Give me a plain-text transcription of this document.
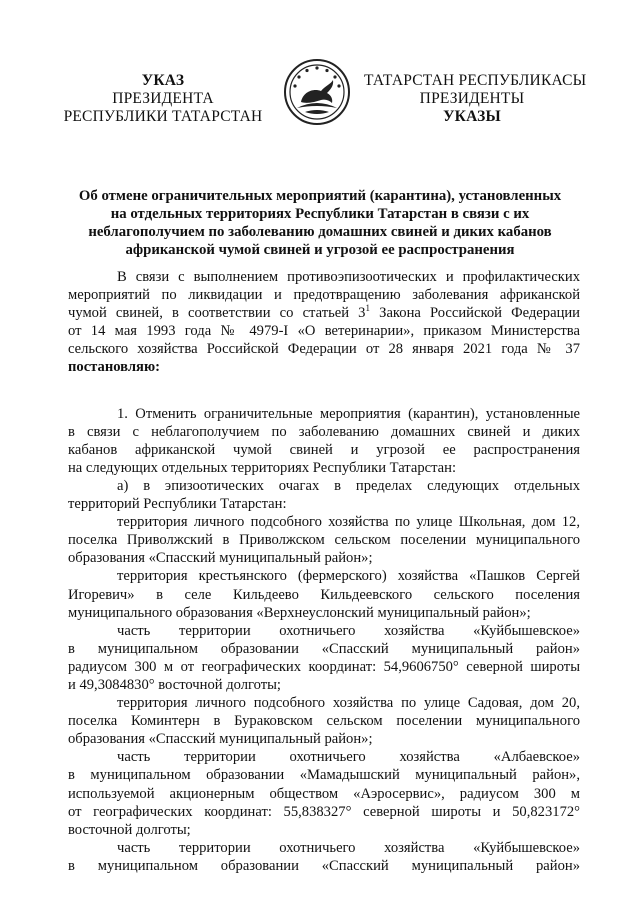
УКАЗ
ПРЕЗИДЕНТА
РЕСПУБЛИКИ ТАТАРСТАН
ТАТАРСТАН РЕСПУБЛИКАСЫ
ПРЕЗИДЕНТЫ
УКАЗЫ
Об отмене ограничительных мероприятий (карантина), установленных
на отдельных территориях Республики Татарстан в связи с их
неблагополучием по заболеванию домашних свиней и диких кабанов
африканской чумой свиней и угрозой ее распространения
В связи с выполнением противоэпизоотических и профилактических
мероприятий по ликвидации и предотвращению заболевания африканской
чумой свиней, в соответствии со статьей $3^1$ Закона Российской Федерации
от 14 мая 1993 года № 4979-I «О ветеринарии», приказом Министерства
сельского хозяйства Российской Федерации от 28 января 2021 года № 37
постановляю:
1. Отменить ограничительные мероприятия (карантин), установленные
в связи с неблагополучием по заболеванию домашних свиней и диких
кабанов африканской чумой свиней и угрозой ее распространения
на следующих отдельных территориях Республики Татарстан:
а) в эпизоотических очагах в пределах следующих отдельных
территорий Республики Татарстан:
территория личного подсобного хозяйства по улице Школьная, дом 12,
поселка Приволжский в Приволжском сельском поселении муниципального
образования «Спасский муниципальный район»;
территория крестьянского (фермерского) хозяйства «Пашков Сергей
Игоревич» в селе Кильдеево Кильдеевского сельского поселения
муниципального образования «Верхнеуслонский муниципальный район»;
часть территории охотничьего хозяйства «Куйбышевское»
в муниципальном образовании «Спасский муниципальный район»
радиусом 300 м от географических координат: 54,9606750° северной широты
и 49,3084830° восточной долготы;
территория личного подсобного хозяйства по улице Садовая, дом 20,
поселка Коминтерн в Бураковском сельском поселении муниципального
образования «Спасский муниципальный район»;
часть территории охотничьего хозяйства «Албаевское»
в муниципальном образовании «Мамадышский муниципальный район»,
используемой акционерным обществом «Аэросервис», радиусом 300 м
от географических координат: 55,838327° северной широты и 50,823172°
восточной долготы;
часть территории охотничьего хозяйства «Куйбышевское»
в муниципальном образовании «Спасский муниципальный район»
